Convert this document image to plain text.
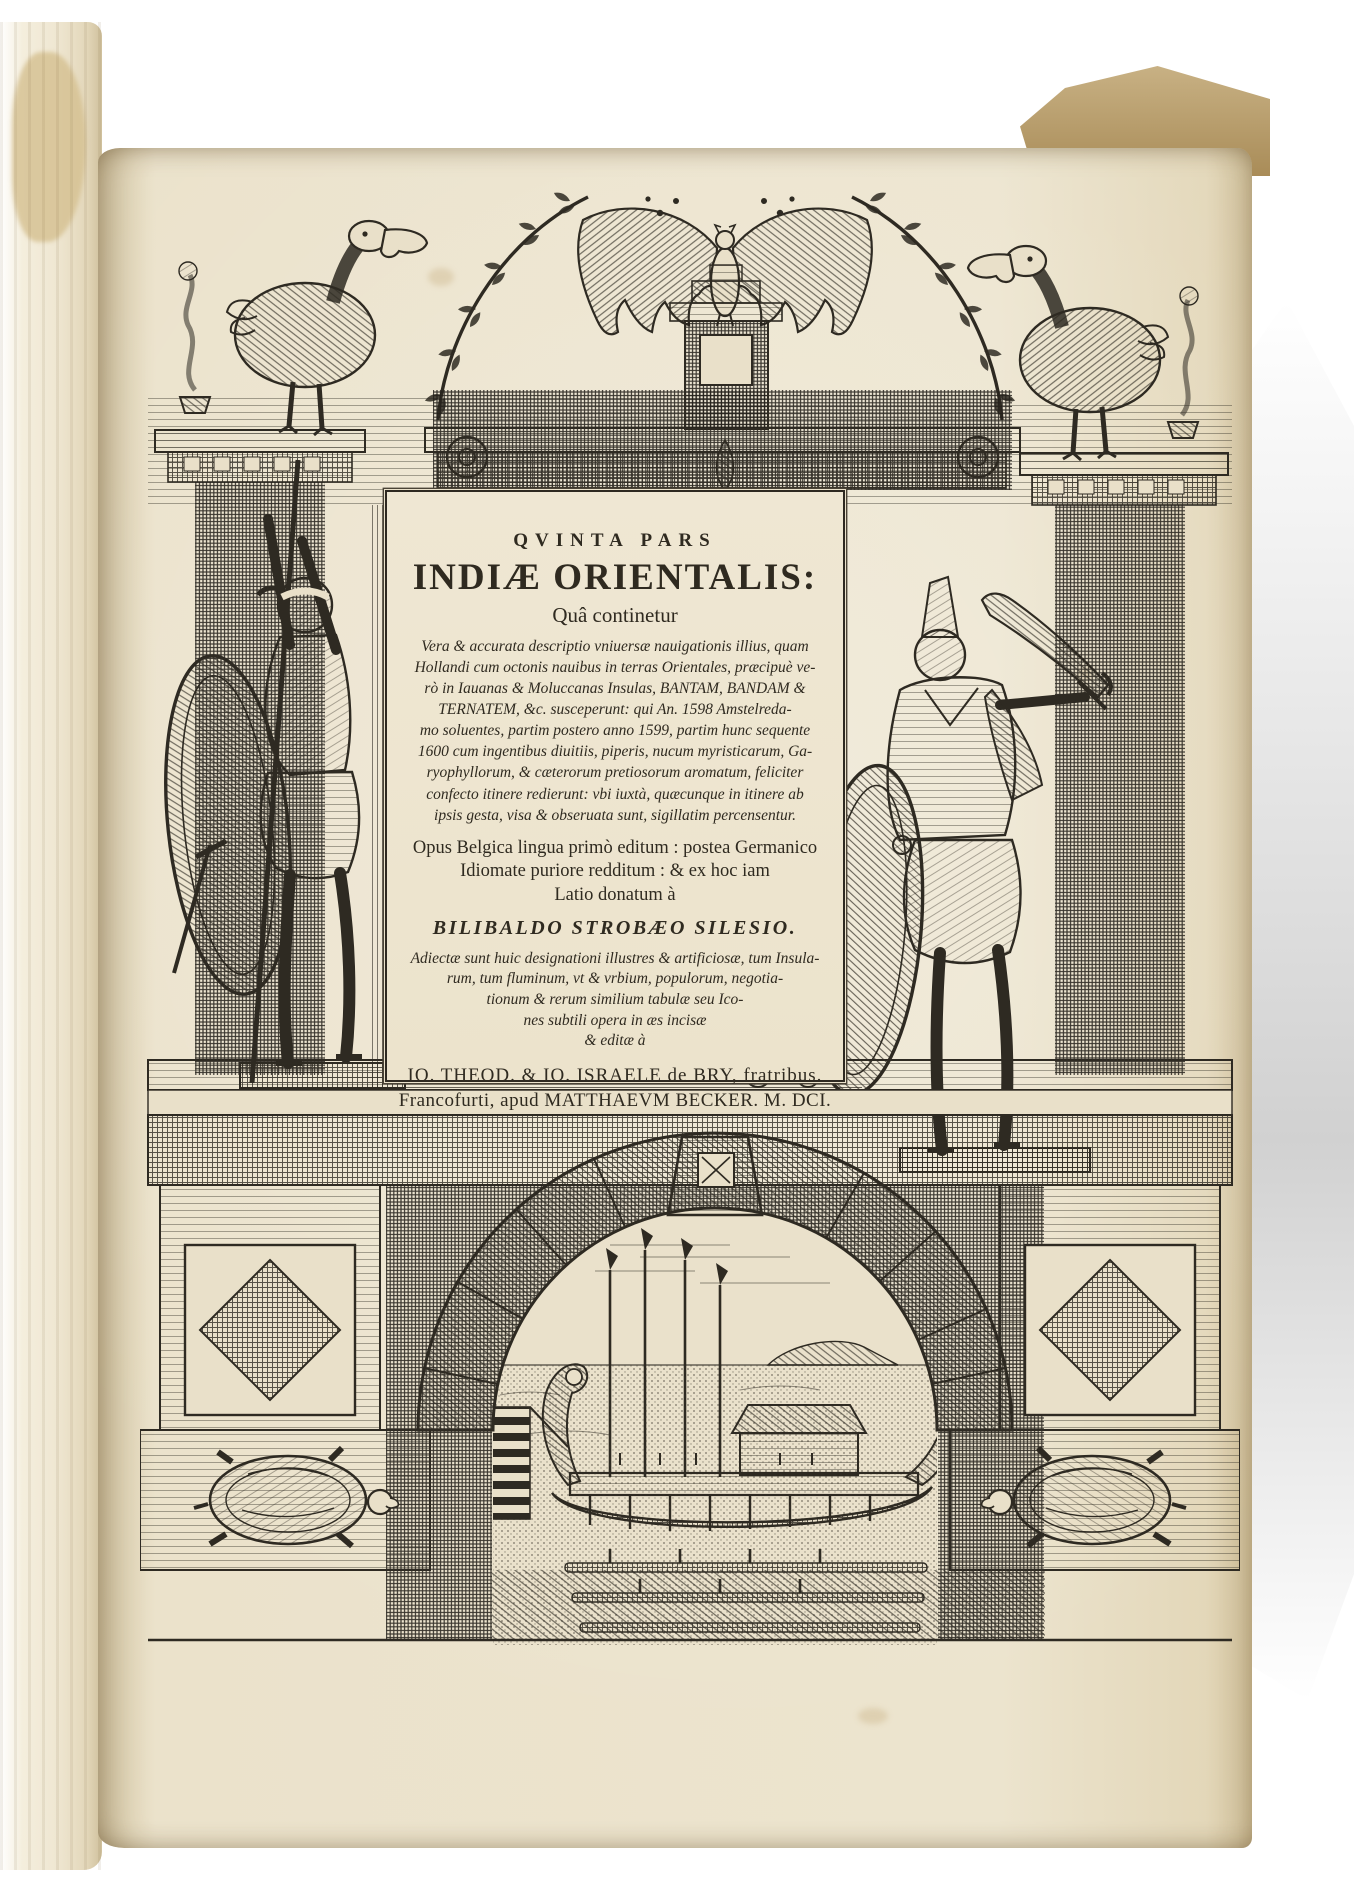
QVINTA PARS
INDIÆ ORIENTALIS:
Quâ continetur
Vera & accurata descriptio vniuersæ nauigationis illius, quam
Hollandi cum octonis nauibus in terras Orientales, præcipuè ve-
rò in Iauanas & Moluccanas Insulas, BANTAM, BANDAM &
TERNATEM, &c. susceperunt: qui An. 1598 Amstelreda-
mo soluentes, partim postero anno 1599, partim hunc sequente
1600 cum ingentibus diuitiis, piperis, nucum myristicarum, Ga-
ryophyllorum, & cæterorum pretiosorum aromatum, feliciter
confecto itinere redierunt: vbi iuxtà, quæcunque in itinere ab
ipsis gesta, visa & obseruata sunt, sigillatim percensentur.
Opus Belgica lingua primò editum : postea Germanico
Idiomate puriore redditum : & ex hoc iam
Latio donatum à
BILIBALDO STROBÆO SILESIO.
Adiectæ sunt huic designationi illustres & artificiosæ, tum Insula-
rum, tum fluminum, vt & vrbium, populorum, negotia-
tionum & rerum similium tabulæ seu Ico-
nes subtili opera in æs incisæ
& editæ à
IO. THEOD. & IO. ISRAELE de BRY, fratribus.
Francofurti, apud MATTHAEVM BECKER. M. DCI.
